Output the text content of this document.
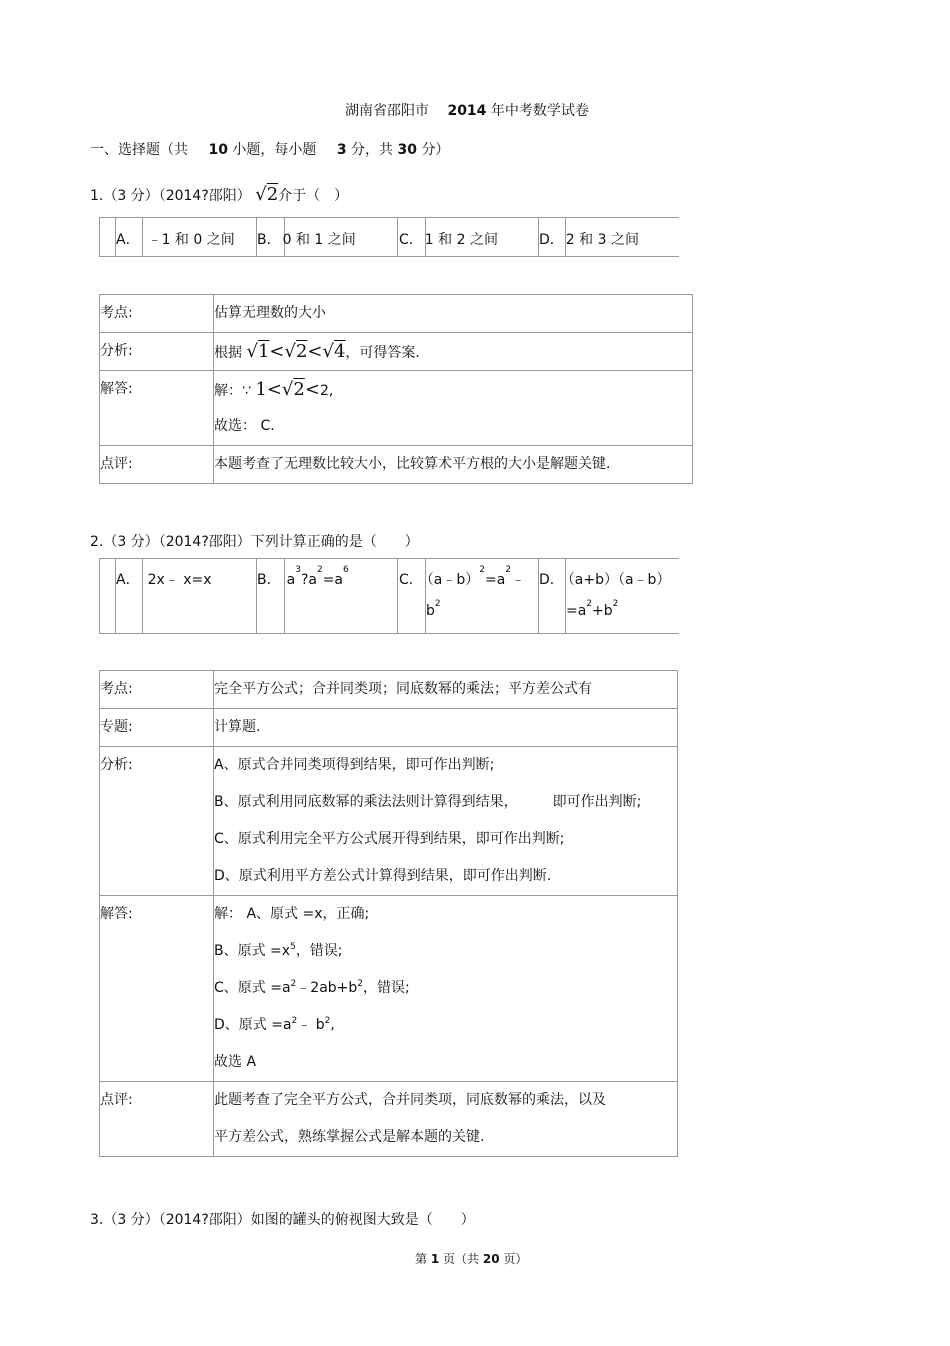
湖南省邵阳市 2014 年中考数学试卷
一、选择题（共 10 小题，每小题 3 分，共 30 分）
1.（3 分）（2014?邵阳） √2介于（　）
A． ﹣1 和 0 之间 B． 0 和 1 之间	C． 1 和 2 之间	D． 2 和 3 之间
考点:	估算无理数的大小

分析:	根据 √1<√2<√4，可得答案.

解答:	解：∵ 1<√2<2,
故选： C.

点评:	本题考查了无理数比较大小，比较算术平方根的大小是解题关键.
2.（3 分）（2014?邵阳）下列计算正确的是（　　）
A． 2x﹣ x=x	B． $a^3?a^2=a^6$
C． $(a﹣b)^2=a^2﹣$
$b^2$
D． （a+b）（a﹣b）
$=a^2+b^2$
考点:	完全平方公式；合并同类项；同底数幂的乘法；平方差公式有

专题:	计算题.

分析:	A、原式合并同类项得到结果，即可作出判断;
B、原式利用同底数幂的乘法法则计算得到结果，　　　即可作出判断;
C、原式利用完全平方公式展开得到结果，即可作出判断;
D、原式利用平方差公式计算得到结果，即可作出判断.

解答:	解： A、原式 =x，正确;
B、原式 $=x^5$，错误;
C、原式 $=a^2﹣2ab+b^2$，错误;
D、原式 $=a^2﹣$ $b^2$,
故选 A

点评:	此题考查了完全平方公式，合并同类项，同底数幂的乘法，以及
平方差公式，熟练掌握公式是解本题的关键.
3.（3 分）（2014?邵阳）如图的罐头的俯视图大致是（　　）
第 1 页（共 20 页）
